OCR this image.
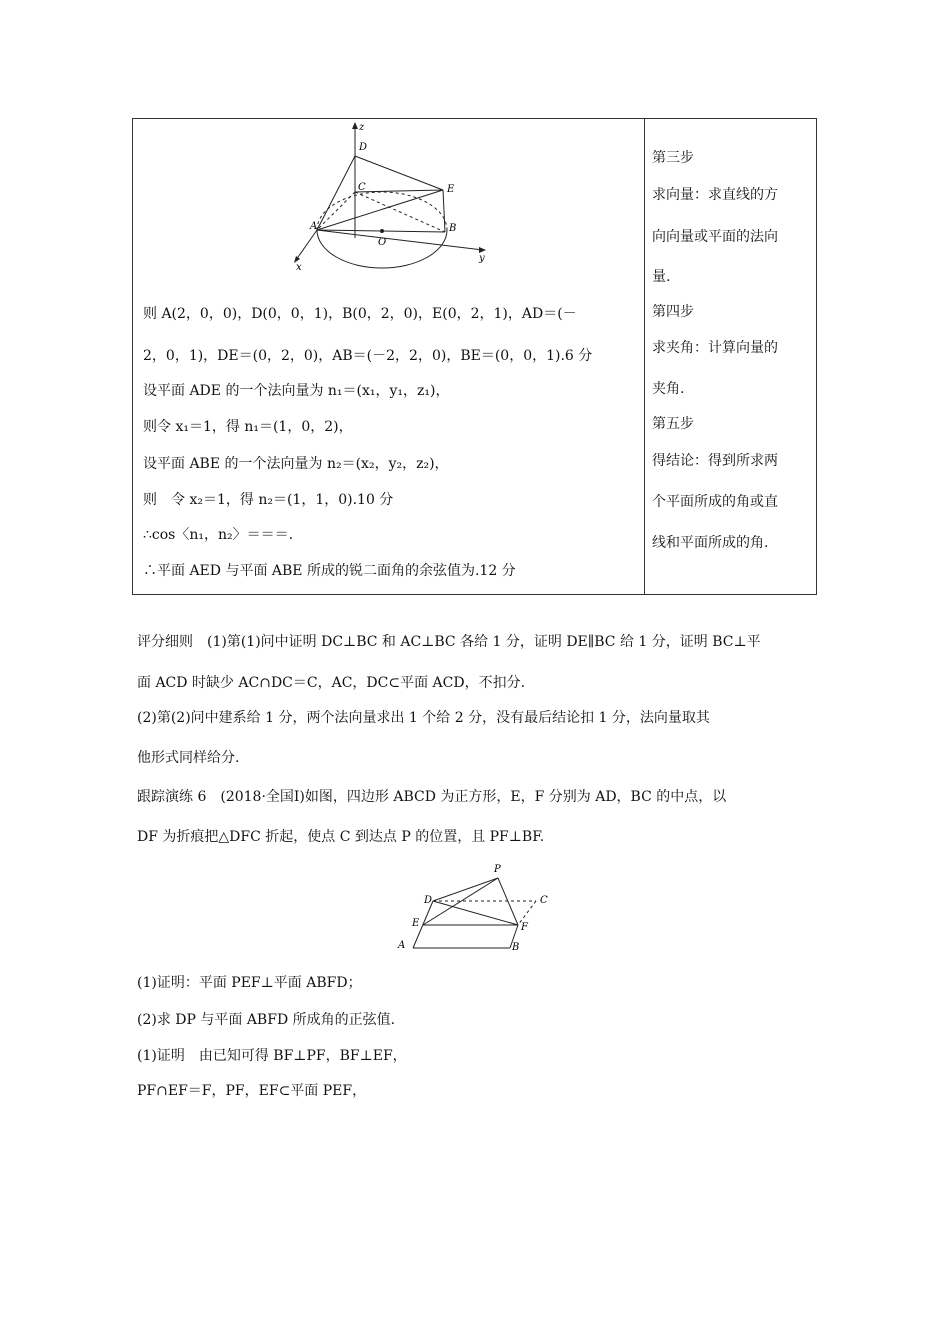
z
D
C	E
A	B
O
x
y
则 A(2，0，0)，D(0，0，1)，B(0，2，0)，E(0，2，1)，AD＝(－
2，0，1)，DE＝(0，2，0)，AB＝(－2，2，0)，BE＝(0，0，1).6 分
设平面 ADE 的一个法向量为 n₁＝(x₁，y₁，z₁)，
则令 x₁＝1，得 n₁＝(1，0，2)，
设平面 ABE 的一个法向量为 n₂＝(x₂，y₂，z₂)，
则　令 x₂＝1，得 n₂＝(1，1，0).10 分
∴cos〈n₁，n₂〉＝＝＝.
∴平面 AED 与平面 ABE 所成的锐二面角的余弦值为.12 分
第三步
求向量：求直线的方
向向量或平面的法向
量.
第四步
求夹角：计算向量的
夹角.
第五步
得结论：得到所求两
个平面所成的角或直
线和平面所成的角.
评分细则　(1)第(1)问中证明 DC⊥BC 和 AC⊥BC 各给 1 分，证明 DE∥BC 给 1 分，证明 BC⊥平
面 ACD 时缺少 AC∩DC＝C，AC，DC⊂平面 ACD，不扣分.
(2)第(2)问中建系给 1 分，两个法向量求出 1 个给 2 分，没有最后结论扣 1 分，法向量取其
他形式同样给分.
跟踪演练 6　(2018·全国Ⅰ)如图，四边形 ABCD 为正方形，E，F 分别为 AD，BC 的中点，以
DF 为折痕把△DFC 折起，使点 C 到达点 P 的位置，且 PF⊥BF.
P
D	C
E	F
A	B
(1)证明：平面 PEF⊥平面 ABFD；
(2)求 DP 与平面 ABFD 所成角的正弦值.
(1)证明　由已知可得 BF⊥PF，BF⊥EF，
PF∩EF＝F，PF，EF⊂平面 PEF，
